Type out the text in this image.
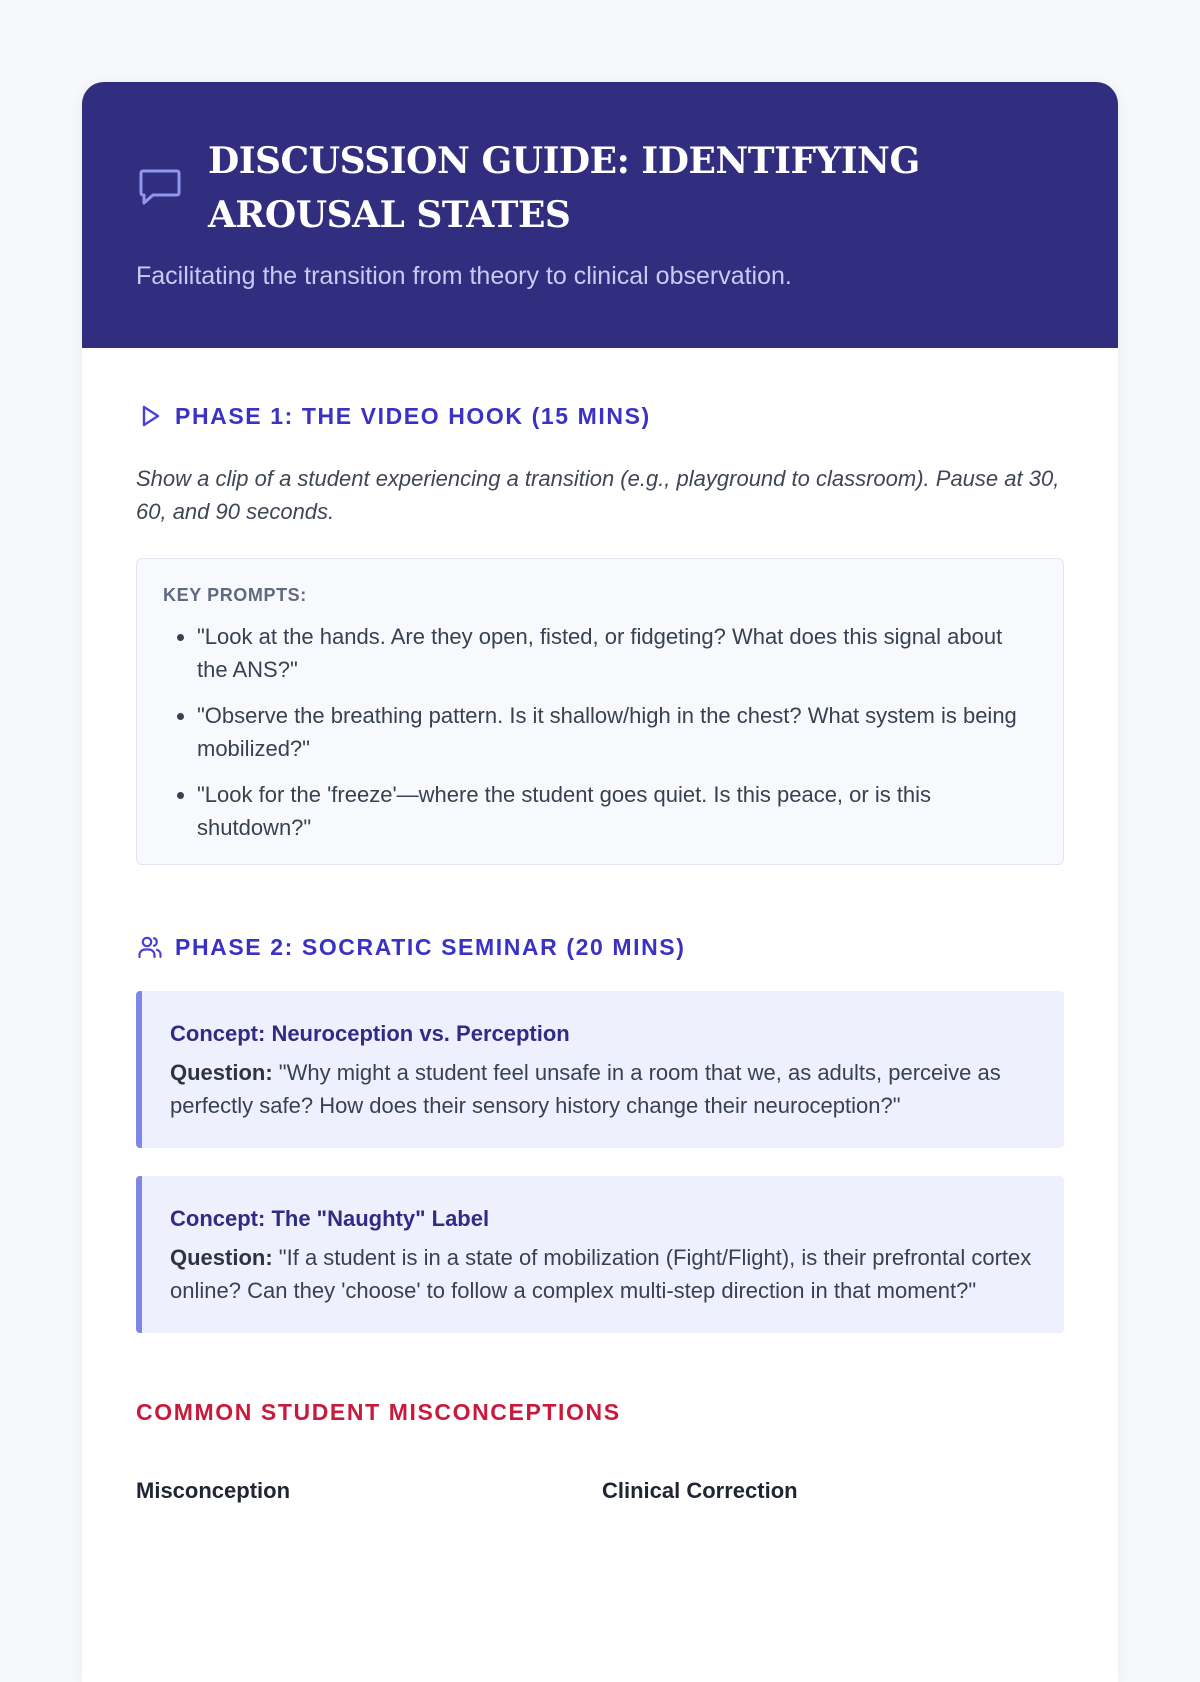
DISCUSSION GUIDE: IDENTIFYING AROUSAL STATES
Facilitating the transition from theory to clinical observation.
PHASE 1: THE VIDEO HOOK (15 MINS)
Show a clip of a student experiencing a transition (e.g., playground to classroom). Pause at 30, 60, and 90 seconds.
KEY PROMPTS:
• "Look at the hands. Are they open, fisted, or fidgeting? What does this signal about the ANS?"
• "Observe the breathing pattern. Is it shallow/high in the chest? What system is being mobilized?"
• "Look for the 'freeze'—where the student goes quiet. Is this peace, or is this shutdown?"
PHASE 2: SOCRATIC SEMINAR (20 MINS)
Concept: Neuroception vs. Perception
Question: "Why might a student feel unsafe in a room that we, as adults, perceive as perfectly safe? How does their sensory history change their neuroception?"
Concept: The "Naughty" Label
Question: "If a student is in a state of mobilization (Fight/Flight), is their prefrontal cortex online? Can they 'choose' to follow a complex multi-step direction in that moment?"
COMMON STUDENT MISCONCEPTIONS
Misconception	Clinical Correction
